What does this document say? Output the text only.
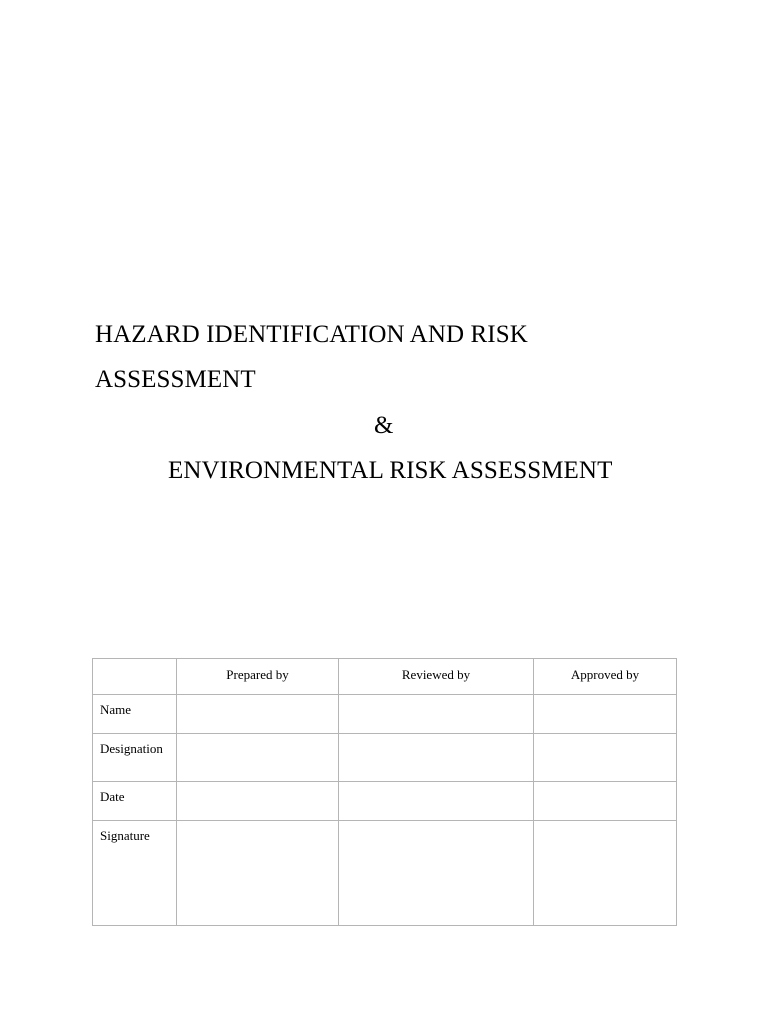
HAZARD IDENTIFICATION AND RISK
ASSESSMENT
&
ENVIRONMENTAL RISK ASSESSMENT
	Prepared by	Reviewed by	Approved by
Name			
Designation			
Date			
Signature			
